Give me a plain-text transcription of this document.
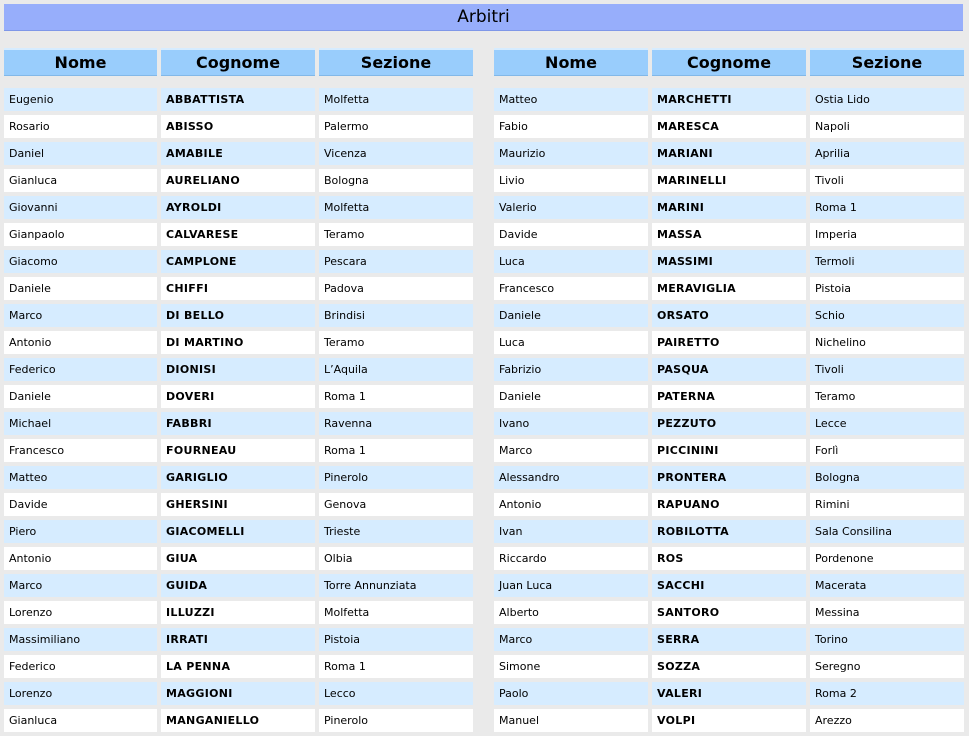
Arbitri
Nome	Cognome	Sezione

Eugenio	ABBATTISTA	Molfetta
Rosario	ABISSO	Palermo
Daniel	AMABILE	Vicenza
Gianluca	AURELIANO	Bologna
Giovanni	AYROLDI	Molfetta
Gianpaolo	CALVARESE	Teramo
Giacomo	CAMPLONE	Pescara
Daniele	CHIFFI	Padova
Marco	DI BELLO	Brindisi
Antonio	DI MARTINO	Teramo
Federico	DIONISI	L’Aquila
Daniele	DOVERI	Roma 1
Michael	FABBRI	Ravenna
Francesco	FOURNEAU	Roma 1
Matteo	GARIGLIO	Pinerolo
Davide	GHERSINI	Genova
Piero	GIACOMELLI	Trieste
Antonio	GIUA	Olbia
Marco	GUIDA	Torre Annunziata
Lorenzo	ILLUZZI	Molfetta
Massimiliano	IRRATI	Pistoia
Federico	LA PENNA	Roma 1
Lorenzo	MAGGIONI	Lecco
Gianluca	MANGANIELLO	Pinerolo
Nome	Cognome	Sezione

Matteo	MARCHETTI	Ostia Lido
Fabio	MARESCA	Napoli
Maurizio	MARIANI	Aprilia
Livio	MARINELLI	Tivoli
Valerio	MARINI	Roma 1
Davide	MASSA	Imperia
Luca	MASSIMI	Termoli
Francesco	MERAVIGLIA	Pistoia
Daniele	ORSATO	Schio
Luca	PAIRETTO	Nichelino
Fabrizio	PASQUA	Tivoli
Daniele	PATERNA	Teramo
Ivano	PEZZUTO	Lecce
Marco	PICCININI	Forlì
Alessandro	PRONTERA	Bologna
Antonio	RAPUANO	Rimini
Ivan	ROBILOTTA	Sala Consilina
Riccardo	ROS	Pordenone
Juan Luca	SACCHI	Macerata
Alberto	SANTORO	Messina
Marco	SERRA	Torino
Simone	SOZZA	Seregno
Paolo	VALERI	Roma 2
Manuel	VOLPI	Arezzo
